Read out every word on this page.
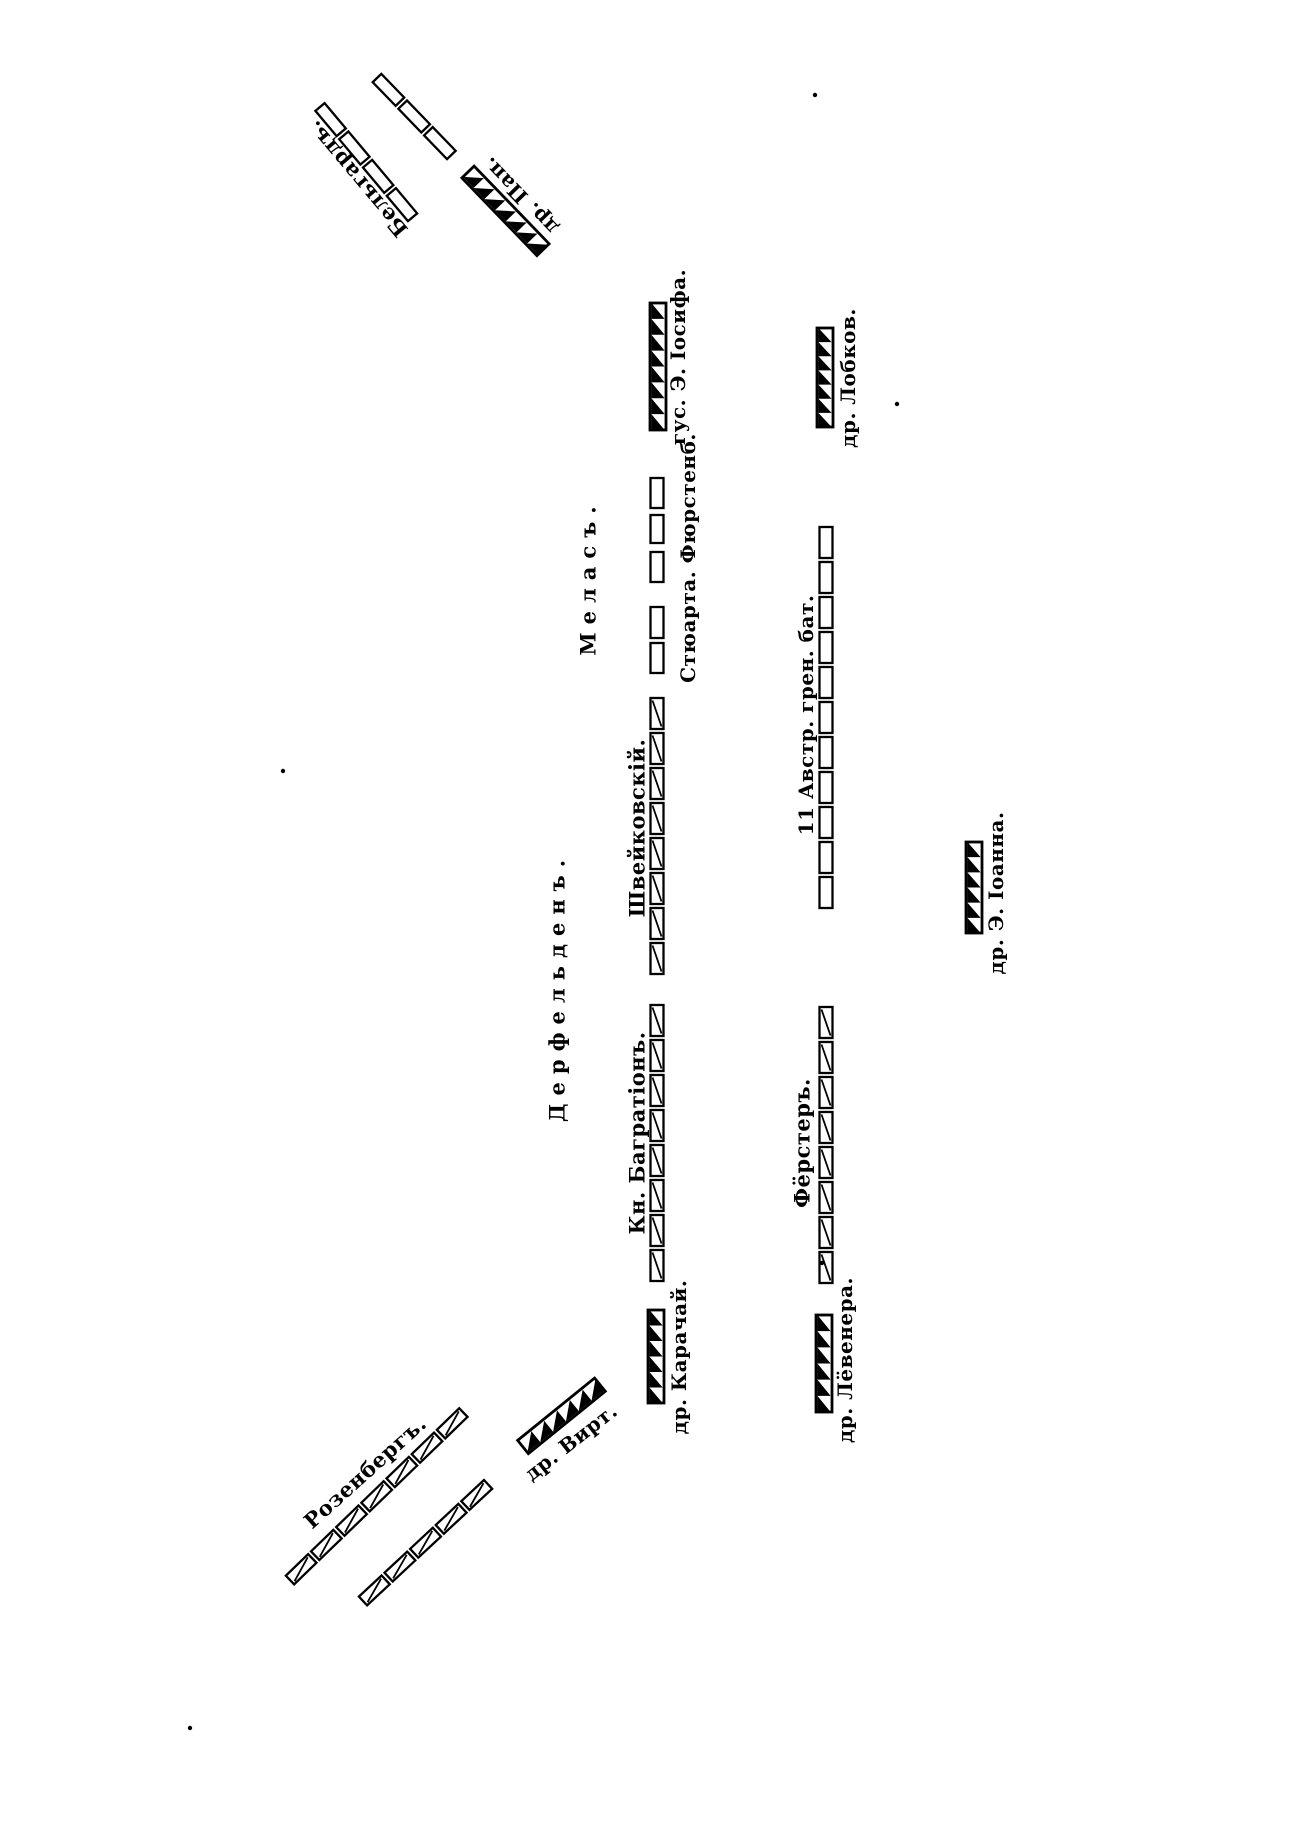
Бельгардъ.	др. Пап.
гус. Э. Іосифа.	др. Лобков.
Меласъ.	Стюарта. Фюрстенб.
Швейковскій.	11 Австр. грен. бат.
др. Э. Іоанна.
Дерфельденъ.
Кн. Багратіонъ.	Фёрстеръ.
др. Карачай.	др. Лёвенера.
др. Вирт.
Розенбергъ.
